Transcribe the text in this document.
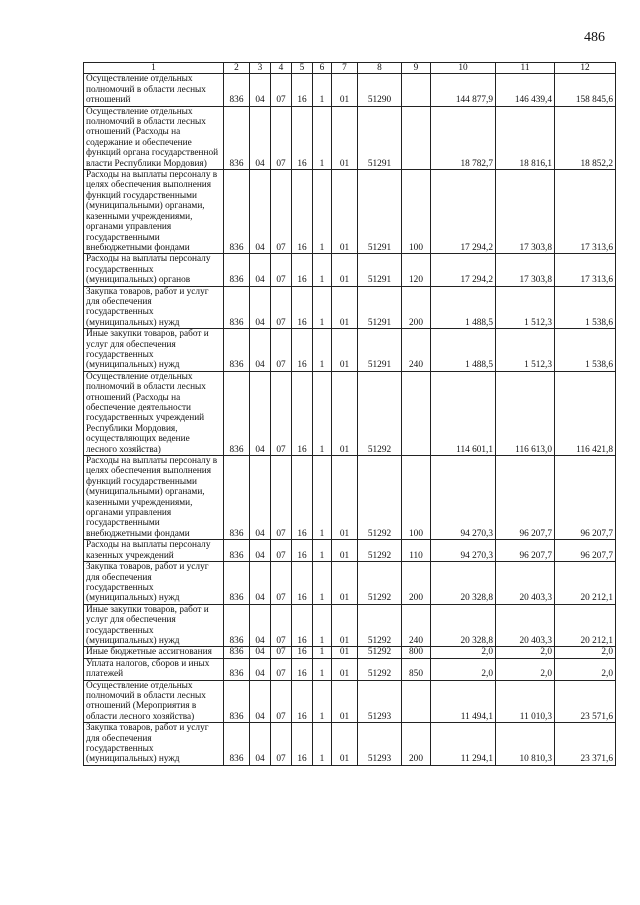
486
1	2	3	4	5	6	7	8	9	10	11	12
Осуществление отдельных полномочий в области лесных отношений	836	04	07	16	1	01	51290		144 877,9	146 439,4	158 845,6
Осуществление отдельных полномочий в области лесных отношений (Расходы на содержание и обеспечение функций органа государственной власти Республики Мордовия)	836	04	07	16	1	01	51291		18 782,7	18 816,1	18 852,2
Расходы на выплаты персоналу в целях обеспечения выполнения функций государственными (муниципальными) органами, казенными учреждениями, органами управления государственными внебюджетными фондами	836	04	07	16	1	01	51291	100	17 294,2	17 303,8	17 313,6
Расходы на выплаты персоналу государственных (муниципальных) органов	836	04	07	16	1	01	51291	120	17 294,2	17 303,8	17 313,6
Закупка товаров, работ и услуг для обеспечения государственных (муниципальных) нужд	836	04	07	16	1	01	51291	200	1 488,5	1 512,3	1 538,6
Иные закупки товаров, работ и услуг для обеспечения государственных (муниципальных) нужд	836	04	07	16	1	01	51291	240	1 488,5	1 512,3	1 538,6
Осуществление отдельных полномочий в области лесных отношений (Расходы на обеспечение деятельности государственных учреждений Республики Мордовия, осуществляющих ведение лесного хозяйства)	836	04	07	16	1	01	51292		114 601,1	116 613,0	116 421,8
Расходы на выплаты персоналу в целях обеспечения выполнения функций государственными (муниципальными) органами, казенными учреждениями, органами управления государственными внебюджетными фондами	836	04	07	16	1	01	51292	100	94 270,3	96 207,7	96 207,7
Расходы на выплаты персоналу казенных учреждений	836	04	07	16	1	01	51292	110	94 270,3	96 207,7	96 207,7
Закупка товаров, работ и услуг для обеспечения государственных (муниципальных) нужд	836	04	07	16	1	01	51292	200	20 328,8	20 403,3	20 212,1
Иные закупки товаров, работ и услуг для обеспечения государственных (муниципальных) нужд	836	04	07	16	1	01	51292	240	20 328,8	20 403,3	20 212,1
Иные бюджетные ассигнования	836	04	07	16	1	01	51292	800	2,0	2,0	2,0
Уплата налогов, сборов и иных платежей	836	04	07	16	1	01	51292	850	2,0	2,0	2,0
Осуществление отдельных полномочий в области лесных отношений (Мероприятия в области лесного хозяйства)	836	04	07	16	1	01	51293		11 494,1	11 010,3	23 571,6
Закупка товаров, работ и услуг для обеспечения государственных (муниципальных) нужд	836	04	07	16	1	01	51293	200	11 294,1	10 810,3	23 371,6
